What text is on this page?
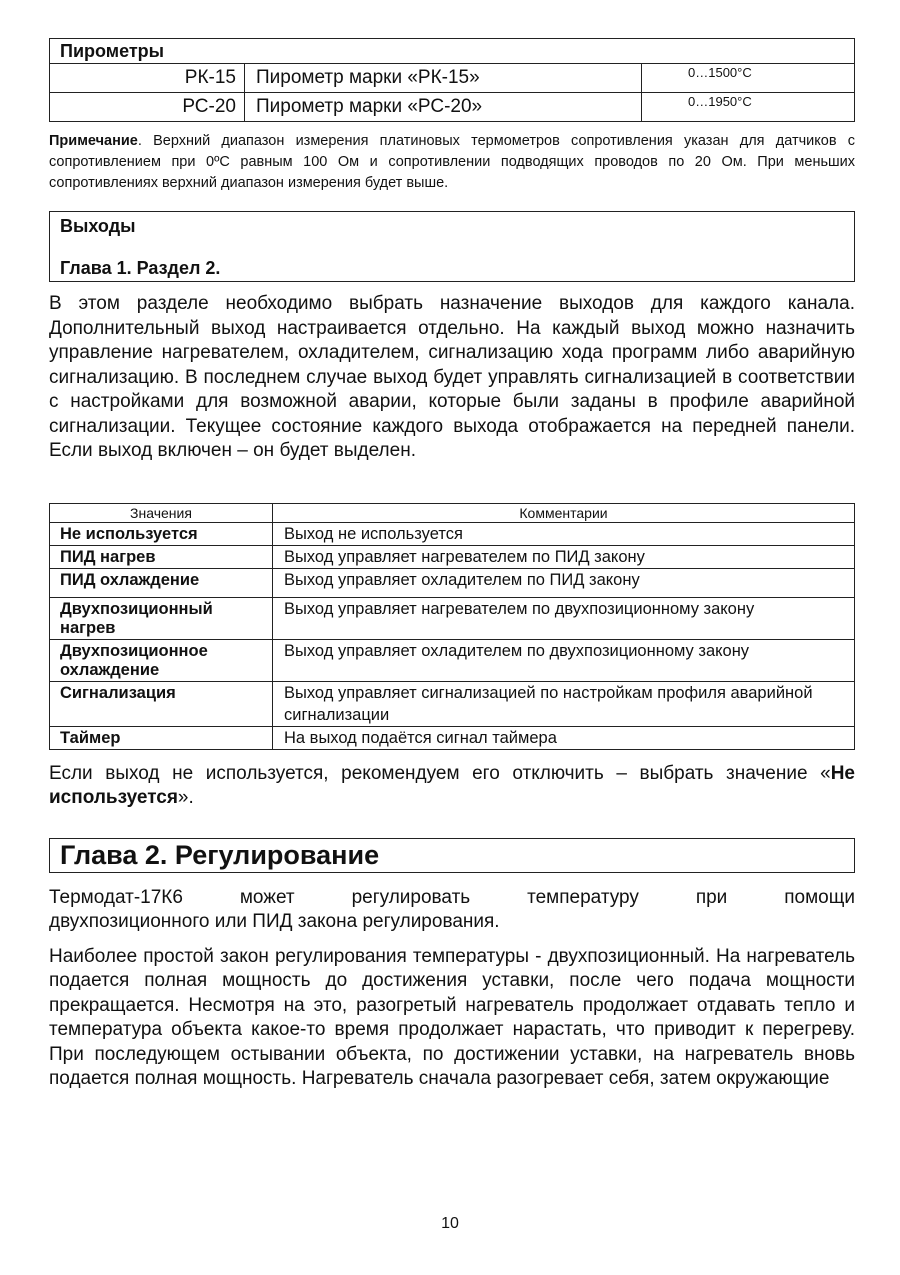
Пирометры		
РК-15	Пирометр марки «РК-15»	0…1500°С
РС-20	Пирометр марки «РС-20»	0…1950°С
Примечание. Верхний диапазон измерения платиновых термометров сопротивления указан для датчиков с сопротивлением при 0ºС равным 100 Ом и сопротивлении подводящих проводов по 20 Ом. При меньших сопротивлениях верхний диапазон измерения будет выше.
Выходы
Глава 1. Раздел 2.
В этом разделе необходимо выбрать назначение выходов для каждого канала. Дополнительный выход настраивается отдельно. На каждый выход можно назначить управление нагревателем, охладителем, сигнализацию хода программ либо аварийную сигнализацию. В последнем случае выход будет управлять сигнализацией в соответствии с настройками для возможной аварии, которые были заданы в профиле аварийной сигнализации. Текущее состояние каждого выхода отображается на передней панели. Если выход включен – он будет выделен.
Значения	Комментарии
Не используется	Выход не используется
ПИД нагрев	Выход управляет нагревателем по ПИД закону
ПИД охлаждение	Выход управляет охладителем по ПИД закону
Двухпозиционный нагрев	Выход управляет нагревателем по двухпозиционному закону
Двухпозиционное охлаждение	Выход управляет охладителем по двухпозиционному закону
Сигнализация	Выход управляет сигнализацией по настройкам профиля аварийной сигнализации
Таймер	На выход подаётся сигнал таймера
Если выход не используется, рекомендуем его отключить – выбрать значение «Не используется».
Глава 2. Регулирование
Термодат-17К6	может	регулировать	температуру	при	помощи
двухпозиционного или ПИД закона регулирования.
Наиболее простой закон регулирования температуры - двухпозиционный. На нагреватель подается полная мощность до достижения уставки, после чего подача мощности прекращается. Несмотря на это, разогретый нагреватель продолжает отдавать тепло и температура объекта какое-то время продолжает нарастать, что приводит к перегреву. При последующем остывании объекта, по достижении уставки, на нагреватель вновь подается полная мощность. Нагреватель сначала разогревает себя, затем окружающие
10
